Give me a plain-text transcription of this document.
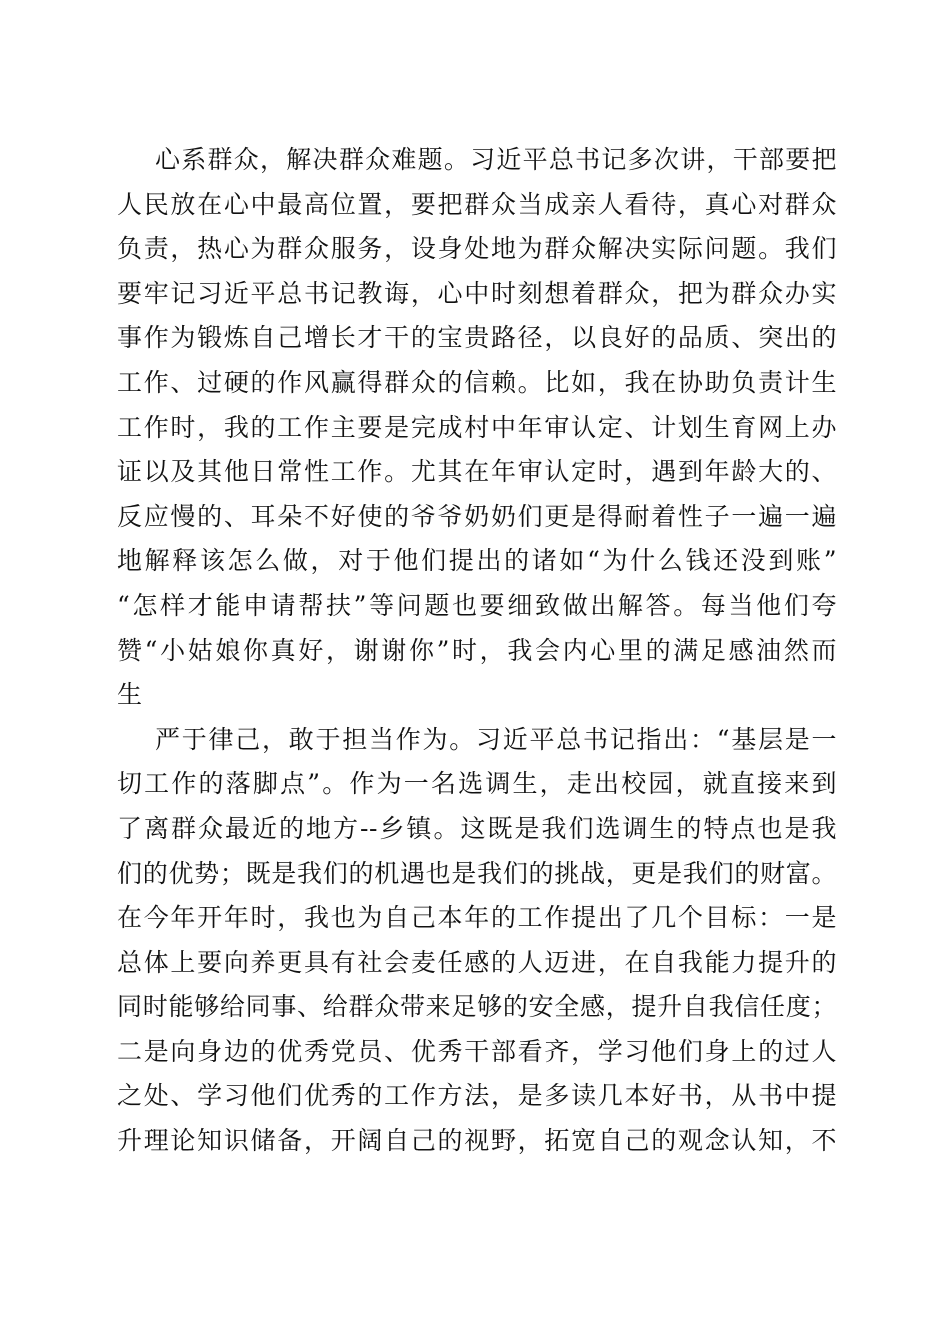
心系群众，解决群众难题。习近平总书记多次讲，干部要把
人民放在心中最高位置，要把群众当成亲人看待，真心对群众
负责，热心为群众服务，设身处地为群众解决实际问题。我们
要牢记习近平总书记教诲，心中时刻想着群众，把为群众办实
事作为锻炼自己增长才干的宝贵路径，以良好的品质、突出的
工作、过硬的作风赢得群众的信赖。比如，我在协助负责计生
工作时，我的工作主要是完成村中年审认定、计划生育网上办
证以及其他日常性工作。尤其在年审认定时，遇到年龄大的、
反应慢的、耳朵不好使的爷爷奶奶们更是得耐着性子一遍一遍
地解释该怎么做，对于他们提出的诸如“为什么钱还没到账”
“怎样才能申请帮扶”等问题也要细致做出解答。每当他们夸
赞“小姑娘你真好，谢谢你”时，我会内心里的满足感油然而
生
严于律己，敢于担当作为。习近平总书记指出：“基层是一
切工作的落脚点”。作为一名选调生，走出校园，就直接来到
了离群众最近的地方--乡镇。这既是我们选调生的特点也是我
们的优势；既是我们的机遇也是我们的挑战，更是我们的财富。
在今年开年时，我也为自己本年的工作提出了几个目标：一是
总体上要向养更具有社会麦任感的人迈进，在自我能力提升的
同时能够给同事、给群众带来足够的安全感，提升自我信任度；
二是向身边的优秀党员、优秀干部看齐，学习他们身上的过人
之处、学习他们优秀的工作方法，是多读几本好书，从书中提
升理论知识储备，开阔自己的视野，拓宽自己的观念认知，不
